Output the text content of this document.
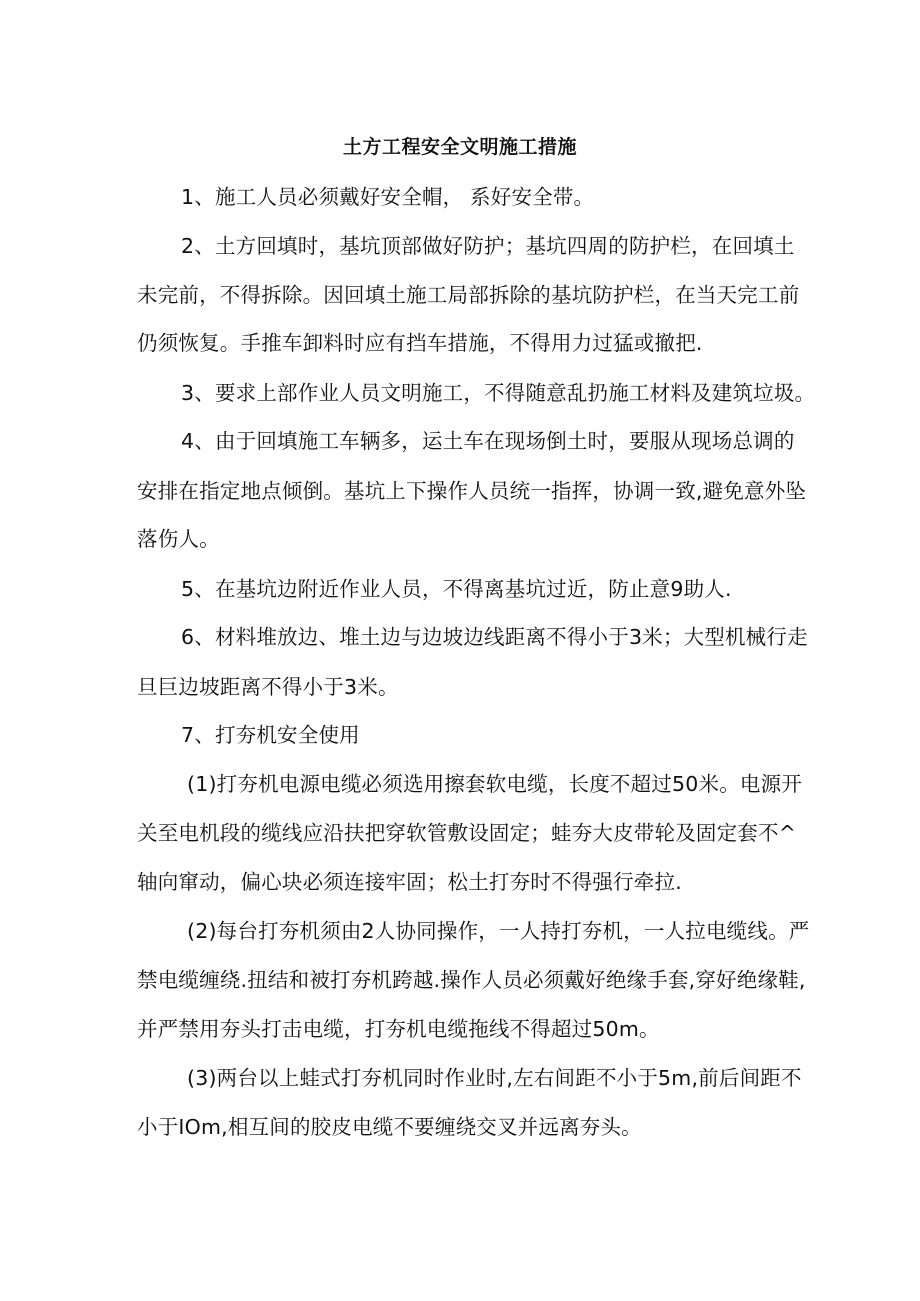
土方工程安全文明施工措施
1、施工人员必须戴好安全帽， 系好安全带。
2、土方回填时，基坑顶部做好防护；基坑四周的防护栏，在回填土
未完前，不得拆除。因回填土施工局部拆除的基坑防护栏，在当天完工前
仍须恢复。手推车卸料时应有挡车措施，不得用力过猛或撤把.
3、要求上部作业人员文明施工，不得随意乱扔施工材料及建筑垃圾。
4、由于回填施工车辆多，运土车在现场倒土时，要服从现场总调的
安排在指定地点倾倒。基坑上下操作人员统一指挥，协调一致,避免意外坠
落伤人。
5、在基坑边附近作业人员，不得离基坑过近，防止意9助人.
6、材料堆放边、堆土边与边坡边线距离不得小于3米；大型机械行走
旦巨边坡距离不得小于3米。
7、打夯机安全使用
(1)打夯机电源电缆必须选用擦套软电缆，长度不超过50米。电源开
关至电机段的缆线应沿扶把穿软管敷设固定；蛙夯大皮带轮及固定套不^
轴向窜动，偏心块必须连接牢固；松土打夯时不得强行牵拉.
(2)每台打夯机须由2人协同操作，一人持打夯机，一人拉电缆线。严
禁电缆缠绕.扭结和被打夯机跨越.操作人员必须戴好绝缘手套,穿好绝缘鞋,
并严禁用夯头打击电缆，打夯机电缆拖线不得超过50m。
(3)两台以上蛙式打夯机同时作业时,左右间距不小于5m,前后间距不
小于IOm,相互间的胶皮电缆不要缠绕交叉并远离夯头。
